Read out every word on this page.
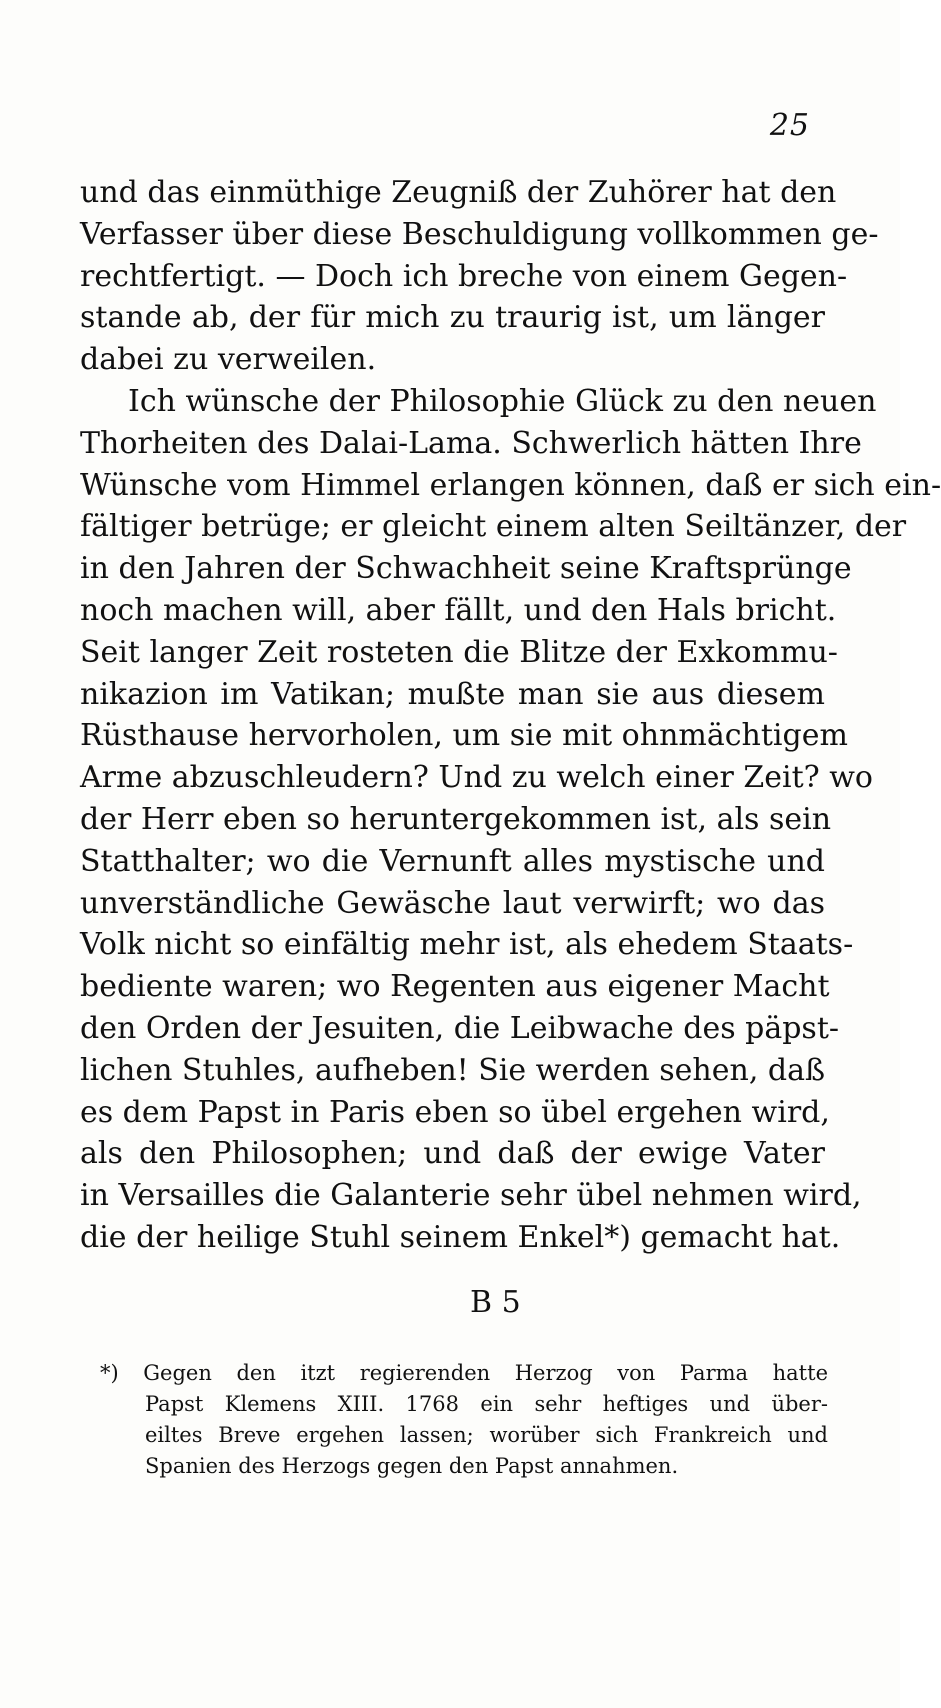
25
und das einmüthige Zeugniß der Zuhörer hat den
Verfasser über diese Beschuldigung vollkommen ge-
rechtfertigt. — Doch ich breche von einem Gegen-
stande ab, der für mich zu traurig ist, um länger
dabei zu verweilen.
Ich wünsche der Philosophie Glück zu den neuen
Thorheiten des Dalai-Lama. Schwerlich hätten Ihre
Wünsche vom Himmel erlangen können, daß er sich ein-
fältiger betrüge; er gleicht einem alten Seiltänzer, der
in den Jahren der Schwachheit seine Kraftsprünge
noch machen will, aber fällt, und den Hals bricht.
Seit langer Zeit rosteten die Blitze der Exkommu-
nikazion im Vatikan; mußte man sie aus diesem
Rüsthause hervorholen, um sie mit ohnmächtigem
Arme abzuschleudern? Und zu welch einer Zeit? wo
der Herr eben so heruntergekommen ist, als sein
Statthalter; wo die Vernunft alles mystische und
unverständliche Gewäsche laut verwirft; wo das
Volk nicht so einfältig mehr ist, als ehedem Staats-
bediente waren; wo Regenten aus eigener Macht
den Orden der Jesuiten, die Leibwache des päpst-
lichen Stuhles, aufheben! Sie werden sehen, daß
es dem Papst in Paris eben so übel ergehen wird,
als den Philosophen; und daß der ewige Vater
in Versailles die Galanterie sehr übel nehmen wird,
die der heilige Stuhl seinem Enkel*) gemacht hat.
B 5
*) Gegen den itzt regierenden Herzog von Parma hatte
Papst Klemens XIII. 1768 ein sehr heftiges und über-
eiltes Breve ergehen lassen; worüber sich Frankreich und
Spanien des Herzogs gegen den Papst annahmen.
